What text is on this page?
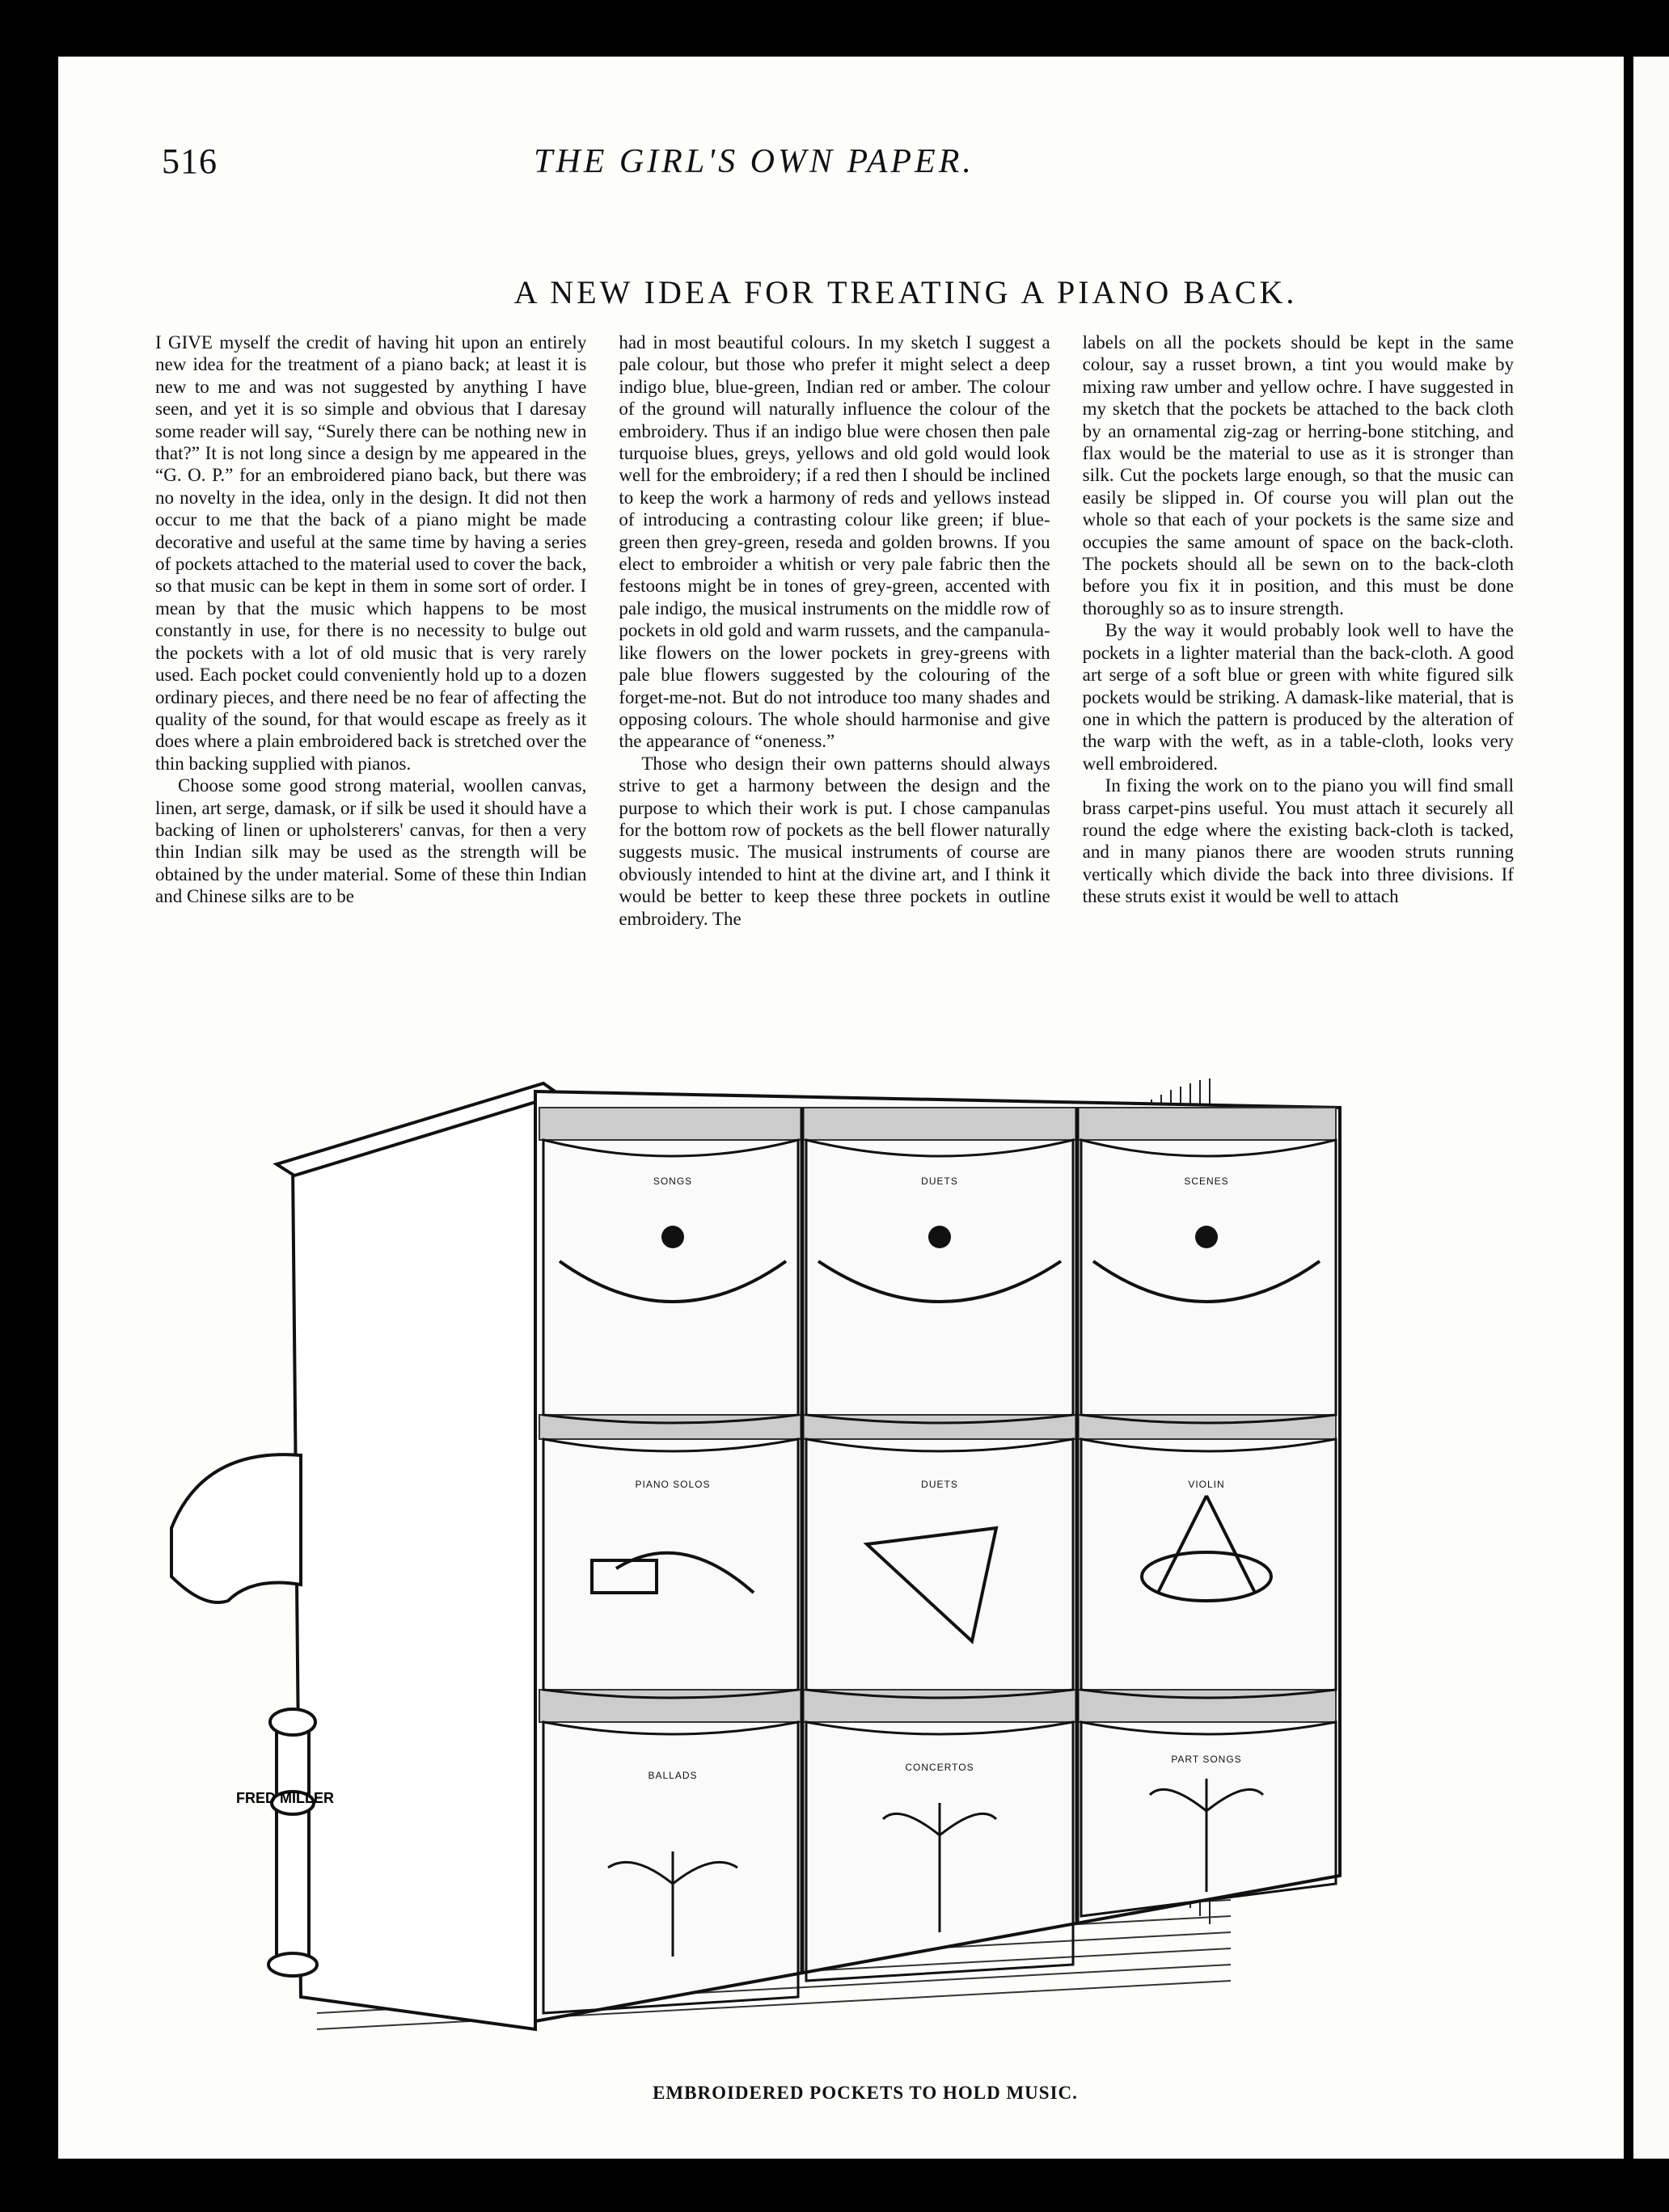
516	THE GIRL'S OWN PAPER.
A NEW IDEA FOR TREATING A PIANO BACK.

I GIVE myself the credit of having hit upon an entirely new idea for the treatment of a piano back; at least it is new to me and was not suggested by anything I have seen, and yet it is so simple and obvious that I daresay some reader will say, “Surely there can be nothing new in that?” It is not long since a design by me appeared in the “G. O. P.” for an embroidered piano back, but there was no novelty in the idea, only in the design. It did not then occur to me that the back of a piano might be made decorative and useful at the same time by having a series of pockets attached to the material used to cover the back, so that music can be kept in them in some sort of order. I mean by that the music which happens to be most constantly in use, for there is no necessity to bulge out the pockets with a lot of old music that is very rarely used. Each pocket could conveniently hold up to a dozen ordinary pieces, and there need be no fear of affecting the quality of the sound, for that would escape as freely as it does where a plain embroidered back is stretched over the thin backing supplied with pianos.

Choose some good strong material, woollen canvas, linen, art serge, damask, or if silk be used it should have a backing of linen or upholsterers' canvas, for then a very thin Indian silk may be used as the strength will be obtained by the under material. Some of these thin Indian and Chinese silks are to be

had in most beautiful colours. In my sketch I suggest a pale colour, but those who prefer it might select a deep indigo blue, blue-green, Indian red or amber. The colour of the ground will naturally influence the colour of the embroidery. Thus if an indigo blue were chosen then pale turquoise blues, greys, yellows and old gold would look well for the embroidery; if a red then I should be inclined to keep the work a harmony of reds and yellows instead of introducing a contrasting colour like green; if blue-green then grey-green, reseda and golden browns. If you elect to embroider a whitish or very pale fabric then the festoons might be in tones of grey-green, accented with pale indigo, the musical instruments on the middle row of pockets in old gold and warm russets, and the campanula-like flowers on the lower pockets in grey-greens with pale blue flowers suggested by the colouring of the forget-me-not. But do not introduce too many shades and opposing colours. The whole should harmonise and give the appearance of “oneness.”

Those who design their own patterns should always strive to get a harmony between the design and the purpose to which their work is put. I chose campanulas for the bottom row of pockets as the bell flower naturally suggests music. The musical instruments of course are obviously intended to hint at the divine art, and I think it would be better to keep these three pockets in outline embroidery. The

labels on all the pockets should be kept in the same colour, say a russet brown, a tint you would make by mixing raw umber and yellow ochre. I have suggested in my sketch that the pockets be attached to the back cloth by an ornamental zig-zag or herring-bone stitching, and flax would be the material to use as it is stronger than silk. Cut the pockets large enough, so that the music can easily be slipped in. Of course you will plan out the whole so that each of your pockets is the same size and occupies the same amount of space on the back-cloth. The pockets should all be sewn on to the back-cloth before you fix it in position, and this must be done thoroughly so as to insure strength.

By the way it would probably look well to have the pockets in a lighter material than the back-cloth. A good art serge of a soft blue or green with white figured silk pockets would be striking. A damask-like material, that is one in which the pattern is produced by the alteration of the warp with the weft, as in a table-cloth, looks very well embroidered.

In fixing the work on to the piano you will find small brass carpet-pins useful. You must attach it securely all round the edge where the existing back-cloth is tacked, and in many pianos there are wooden struts running vertically which divide the back into three divisions. If these struts exist it would be well to attach

SONGS	DUETS	SCENES
PIANO SOLOS	DUETS	VIOLIN
BALLADS
CONCERTOS
PART SONGS
FRED MILLER
EMBROIDERED POCKETS TO HOLD MUSIC.
